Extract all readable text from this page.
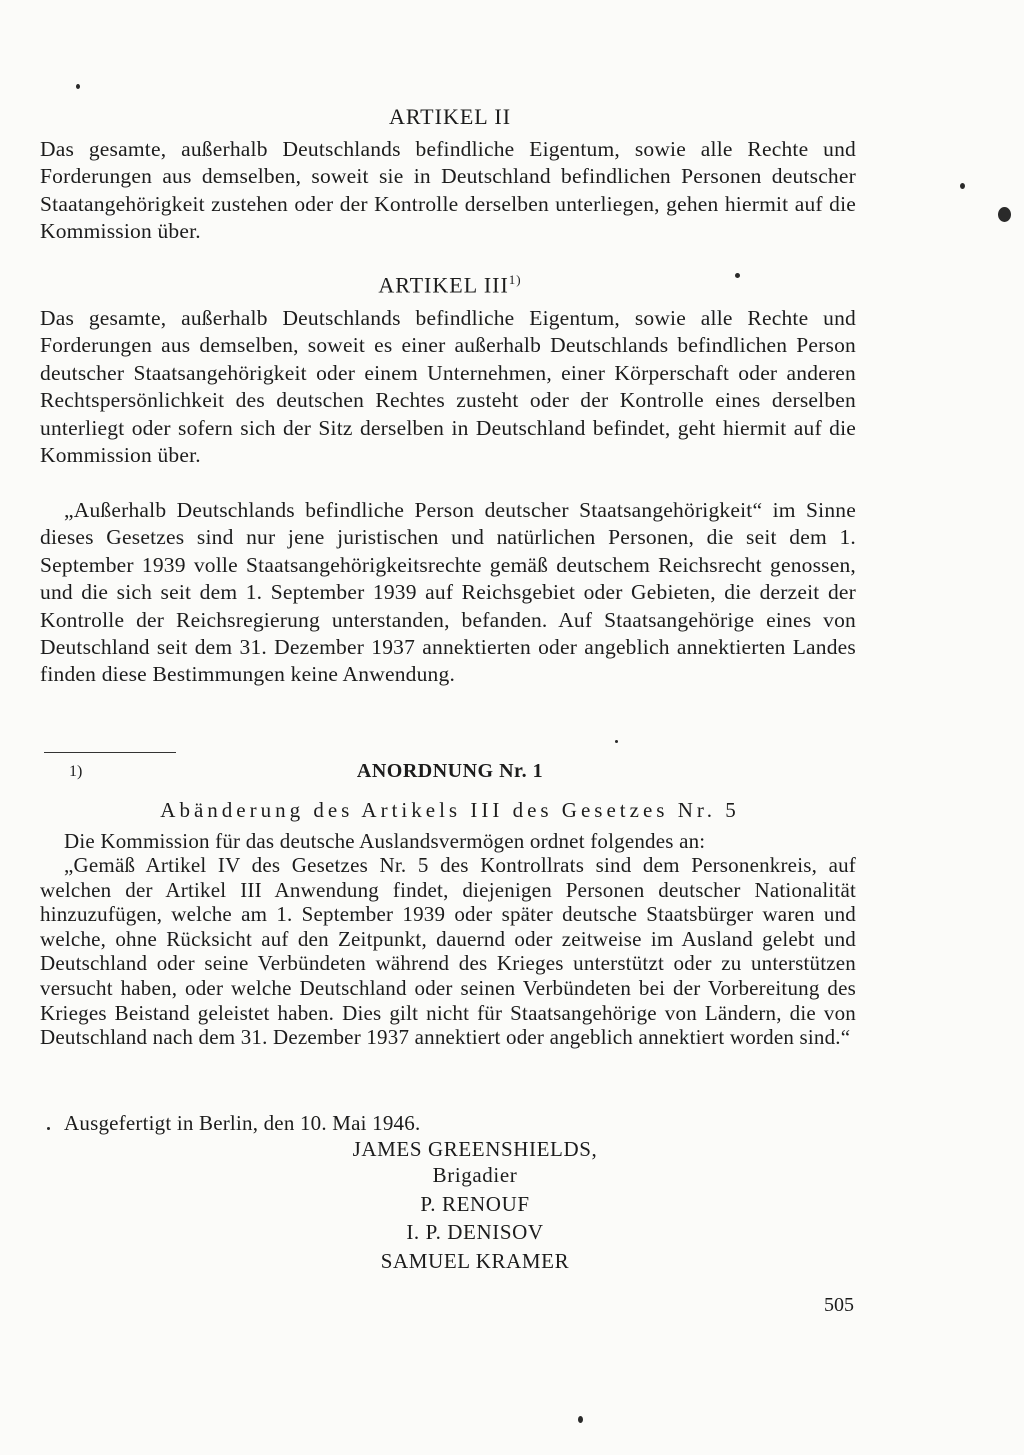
ARTIKEL II

Das gesamte, außerhalb Deutschlands befindliche Eigentum, sowie alle Rechte und Forderungen aus demselben, soweit sie in Deutschland befindlichen Personen deutscher Staatangehörigkeit zustehen oder der Kontrolle derselben unterliegen, gehen hiermit auf die Kommission über.

ARTIKEL III$^{1)}$

Das gesamte, außerhalb Deutschlands befindliche Eigentum, sowie alle Rechte und Forderungen aus demselben, soweit es einer außerhalb Deutschlands befindlichen Person deutscher Staatsangehörigkeit oder einem Unternehmen, einer Körperschaft oder anderen Rechtspersönlichkeit des deutschen Rechtes zusteht oder der Kontrolle eines derselben unterliegt oder sofern sich der Sitz derselben in Deutschland befindet, geht hiermit auf die Kommission über.

„Außerhalb Deutschlands befindliche Person deutscher Staatsangehörigkeit“ im Sinne dieses Gesetzes sind nur jene juristischen und natürlichen Personen, die seit dem 1. September 1939 volle Staatsangehörigkeitsrechte gemäß deutschem Reichsrecht genossen, und die sich seit dem 1. September 1939 auf Reichsgebiet oder Gebieten, die derzeit der Kontrolle der Reichsregierung unterstanden, befanden. Auf Staatsangehörige eines von Deutschland seit dem 31. Dezember 1937 annektierten oder angeblich annektierten Landes finden diese Bestimmungen keine Anwendung.

1)	ANORDNUNG Nr. 1
Abänderung des Artikels III des Gesetzes Nr. 5

Die Kommission für das deutsche Auslandsvermögen ordnet folgendes an:

„Gemäß Artikel IV des Gesetzes Nr. 5 des Kontrollrats sind dem Personenkreis, auf welchen der Artikel III Anwendung findet, diejenigen Personen deutscher Nationalität hinzuzufügen, welche am 1. September 1939 oder später deutsche Staatsbürger waren und welche, ohne Rücksicht auf den Zeitpunkt, dauernd oder zeitweise im Ausland gelebt und Deutschland oder seine Verbündeten während des Krieges unterstützt oder zu unterstützen versucht haben, oder welche Deutschland oder seinen Verbündeten bei der Vorbereitung des Krieges Beistand geleistet haben. Dies gilt nicht für Staatsangehörige von Ländern, die von Deutschland nach dem 31. Dezember 1937 annektiert oder angeblich annektiert worden sind.“

Ausgefertigt in Berlin, den 10. Mai 1946.

JAMES GREENSHIELDS,
Brigadier
P. RENOUF
I. P. DENISOV
SAMUEL KRAMER
505
